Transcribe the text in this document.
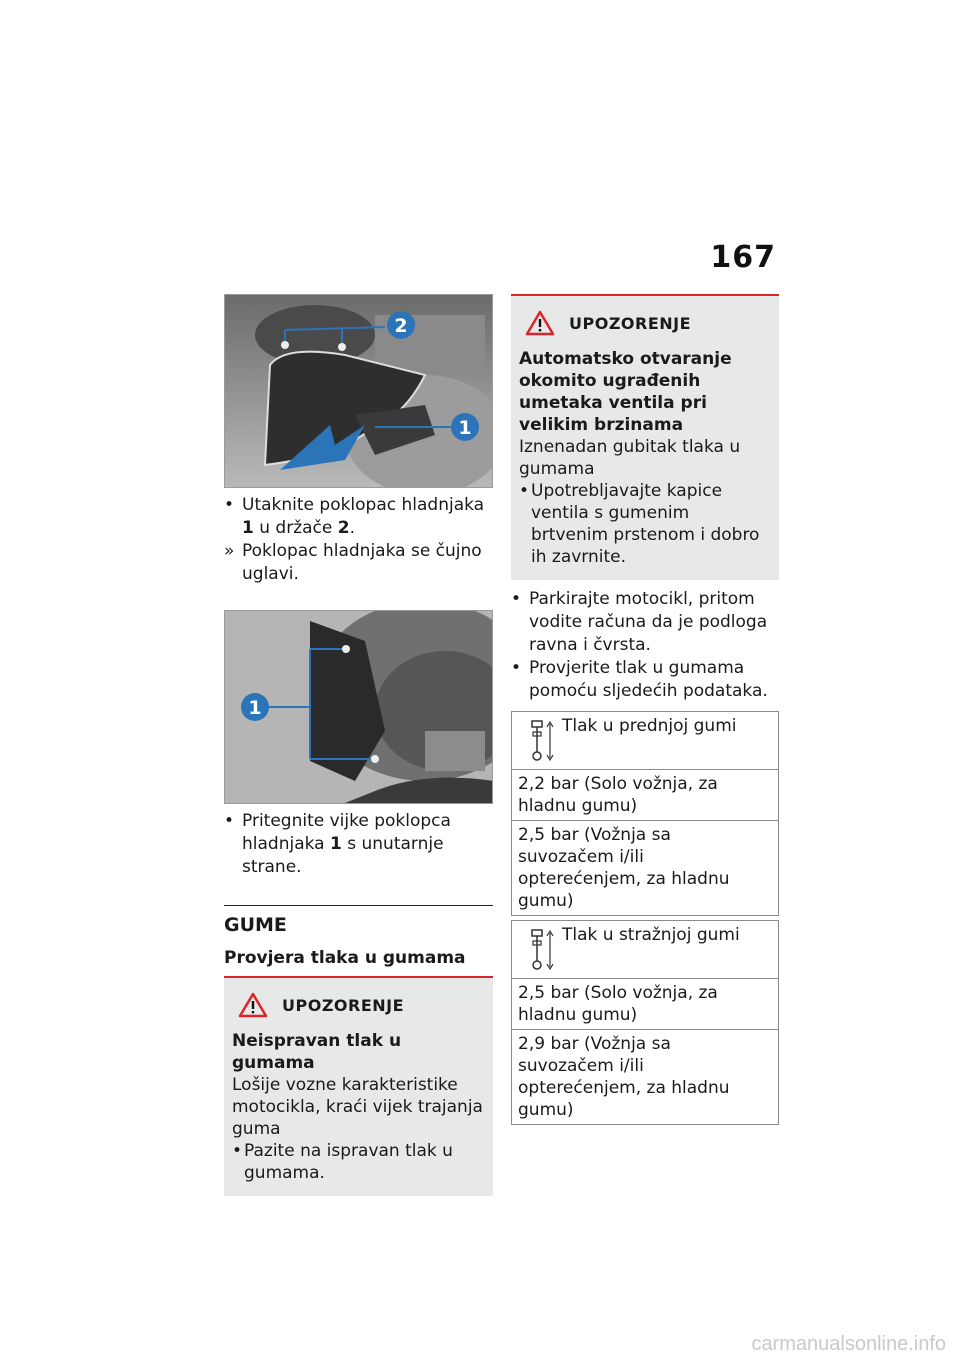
167
2
1
• Utaknite poklopac hladnjaka 1 u držače 2.
» Poklopac hladnjaka se čujno uglavi.
1
• Pritegnite vijke poklopca hladnjaka 1 s unutarnje strane.
GUME
Provjera tlaka u gumama
UPOZORENJE
Neispravan tlak u gumama
Lošije vozne karakteristike motocikla, kraći vijek trajanja guma
• Pazite na ispravan tlak u gumama.
UPOZORENJE
Automatsko otvaranje okomito ugrađenih umetaka ventila pri velikim brzinama
Iznenadan gubitak tlaka u gumama
• Upotrebljavajte kapice ventila s gumenim brtvenim prstenom i dobro ih zavrnite.
• Parkirajte motocikl, pritom vodite računa da je podloga ravna i čvrsta.
• Provjerite tlak u gumama pomoću sljedećih podataka.
Tlak u prednjoj gumi
2,2 bar (Solo vožnja, za hladnu gumu)
2,5 bar (Vožnja sa suvozačem i/ili opterećenjem, za hladnu gumu)
Tlak u stražnjoj gumi
2,5 bar (Solo vožnja, za hladnu gumu)
2,9 bar (Vožnja sa suvozačem i/ili opterećenjem, za hladnu gumu)
carmanualsonline.info
